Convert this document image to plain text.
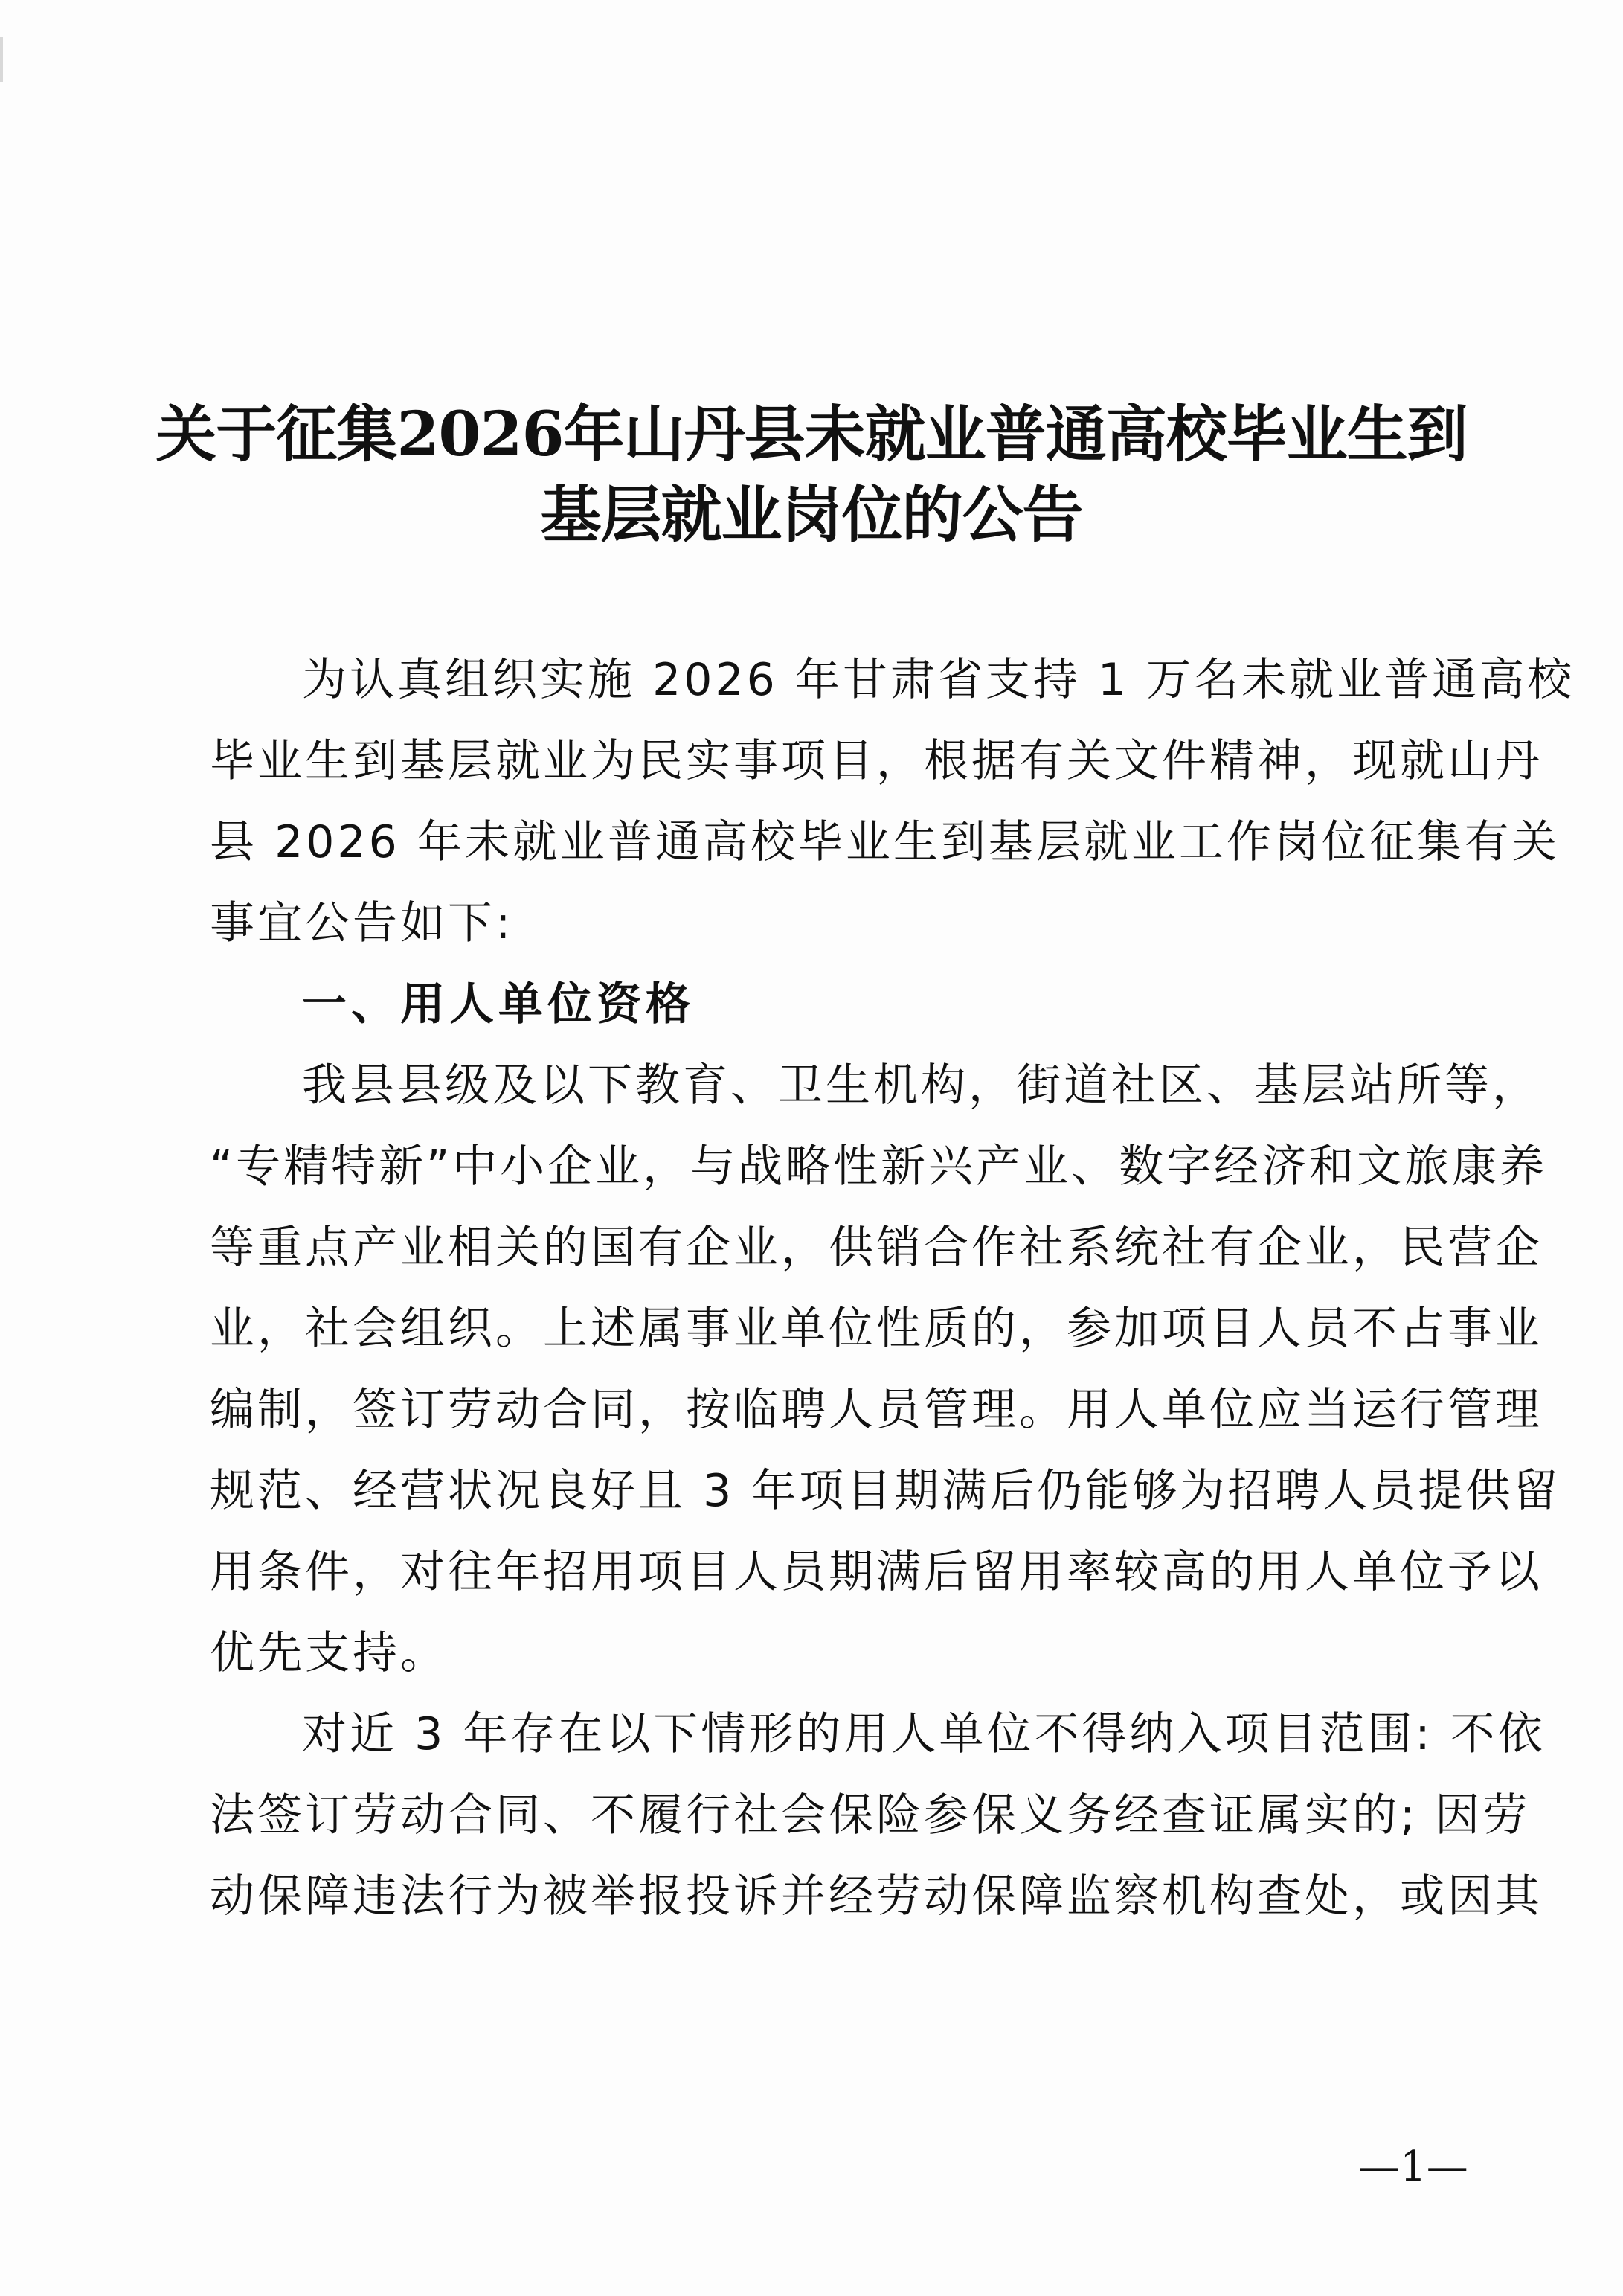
关于征集2026年山丹县未就业普通高校毕业生到
基层就业岗位的公告
为认真组织实施 2026 年甘肃省支持 1 万名未就业普通高校
毕业生到基层就业为民实事项目，根据有关文件精神，现就山丹
县 2026 年未就业普通高校毕业生到基层就业工作岗位征集有关
事宜公告如下:
一、用人单位资格
我县县级及以下教育、卫生机构，街道社区、基层站所等，
“专精特新”中小企业，与战略性新兴产业、数字经济和文旅康养
等重点产业相关的国有企业，供销合作社系统社有企业，民营企
业，社会组织。上述属事业单位性质的，参加项目人员不占事业
编制，签订劳动合同，按临聘人员管理。用人单位应当运行管理
规范、经营状况良好且 3 年项目期满后仍能够为招聘人员提供留
用条件，对往年招用项目人员期满后留用率较高的用人单位予以
优先支持。
对近 3 年存在以下情形的用人单位不得纳入项目范围: 不依
法签订劳动合同、不履行社会保险参保义务经查证属实的; 因劳
动保障违法行为被举报投诉并经劳动保障监察机构查处，或因其
—1—
